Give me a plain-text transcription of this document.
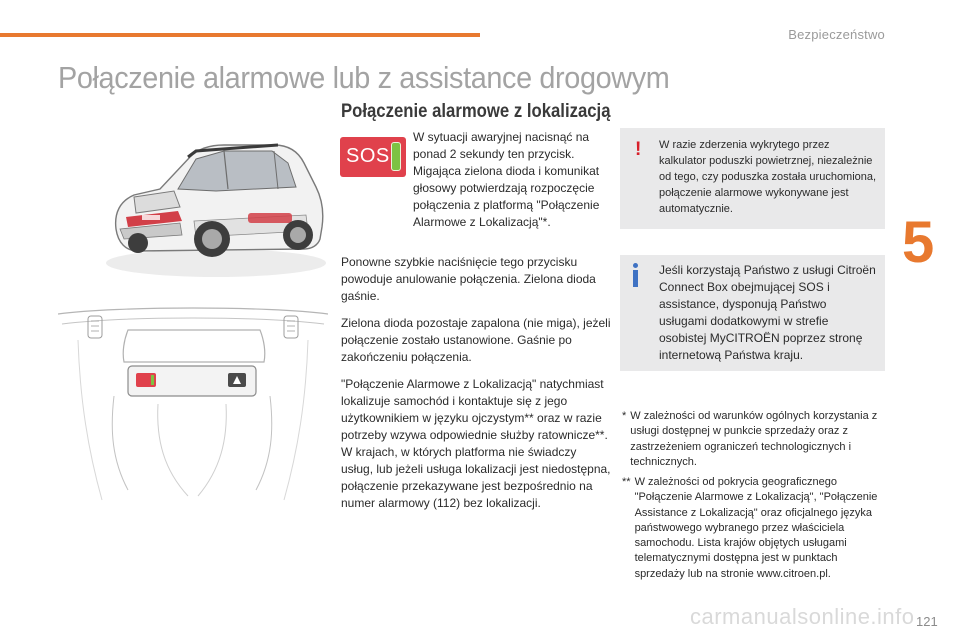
Bezpieczeństwo
5
Połączenie alarmowe lub z assistance drogowym
Połączenie alarmowe z lokalizacją
SOS

W sytuacji awaryjnej nacisnąć na ponad 2 sekundy ten przycisk. Migająca zielona dioda i komunikat głosowy potwierdzają rozpoczęcie połączenia z platformą "Połączenie Alarmowe z Lokalizacją"*.

Ponowne szybkie naciśnięcie tego przycisku powoduje anulowanie połączenia. Zielona dioda gaśnie.

Zielona dioda pozostaje zapalona (nie miga), jeżeli połączenie zostało ustanowione. Gaśnie po zakończeniu połączenia.

"Połączenie Alarmowe z Lokalizacją" natychmiast lokalizuje samochód i kontaktuje się z jego użytkownikiem w języku ojczystym** oraz w razie potrzeby wzywa odpowiednie służby ratownicze**. W krajach, w których platforma nie świadczy usług, lub jeżeli usługa lokalizacji jest niedostępna, połączenie przekazywane jest bezpośrednio na numer alarmowy (112) bez lokalizacji.

! W razie zderzenia wykrytego przez kalkulator poduszki powietrznej, niezależnie od tego, czy poduszka została uruchomiona, połączenie alarmowe wykonywane jest automatycznie.

Jeśli korzystają Państwo z usługi Citroën Connect Box obejmującej SOS i assistance, dysponują Państwo usługami dodatkowymi w strefie osobistej MyCITROËN poprzez stronę internetową Państwa kraju.

* W zależności od warunków ogólnych korzystania z usługi dostępnej w punkcie sprzedaży oraz z zastrzeżeniem ograniczeń technologicznych i technicznych.
** W zależności od pokrycia geograficznego "Połączenie Alarmowe z Lokalizacją", "Połączenie Assistance z Lokalizacją" oraz oficjalnego języka państwowego wybranego przez właściciela samochodu. Lista krajów objętych usługami telematycznymi dostępna jest w punktach sprzedaży lub na stronie www.citroen.pl.
carmanualsonline.info 121
